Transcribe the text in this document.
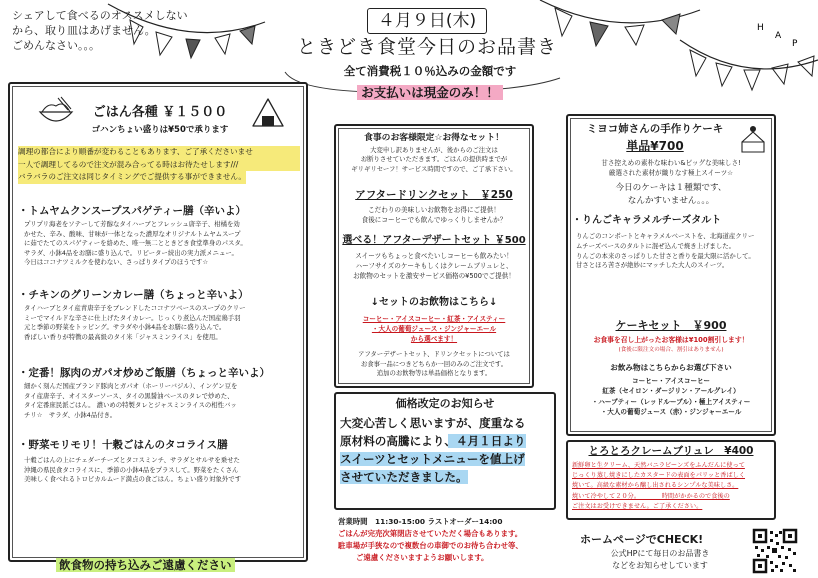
H
A
P
シェアして食べるのオススメしない
から、取り皿はあげません。
ごめんなさい。。。
４月９日(木)
ときどき食堂今日のお品書き
全て消費税１０％込みの金額です
お支払いは現金のみ！！
ごはん各種 ￥１５００
ゴハンちょい盛りは¥50で承ります
調理の都合により順番が変わることもあります、ご了承くださいませ
一人で調理してるので注文が混み合ってる時はお待たせします///
バラバラのご注文は同じタイミングでご提供する事ができません。
・トムヤムクンスープスパゲティー膳（辛いよ）
プリプリ海老をソテーして芳醇なタイハーブとフレッシュ唐辛子、柑橘を効
かせた、辛み、酸味、甘味が一体となった濃厚なオリジナルトムヤムスープ
に茹でたてのスパゲティーを絡めた、唯一無二とときどき食堂準身のパスタ。
サラダ、小鉢4品をお膳に盛り込んで。リピーター続出の実力派メニュー。
今日はココナツミルクを使わない、さっぱりタイプのほうです☆
・チキンのグリーンカレー膳（ちょっと辛いよ）
タイハーブとタイ産青唐辛子をブレンドしたココナツベースのスープのクリー
ミーでマイルドな辛さに仕上げたタイカレー。じっくり煮込んだ国産鶏手羽
元と季節の野菜をトッピング。サラダや小鉢4品をお膳に盛り込んで。
香ばしい香りが特徴の最高級のタイ米「ジャスミンライス」を使用。
・定番！豚肉のガパオ炒めご飯膳（ちょっと辛いよ）
細かく刻んだ国産ブランド豚肉とガパオ（ホーリーバジル）、インゲン豆を
タイ産唐辛子、オイスターソース、タイの黒醤油ベースのタレで炒めた、
タイ定番庶民派ごはん。 濃いめの特製タレとジャスミンライスの相性バッ
チリ☆　サラダ、小鉢4品付き。
・野菜モリモリ！十穀ごはんのタコライス膳
十穀ごはんの上にチェダーチーズとタコスミンチ、サラダとサルサを乗せた
沖縄の県民食タコライスに、季節の小鉢4品をプラスして。野菜をたくさん
美味しく食べれるトロピカルムード満点の食ごはん。ちょい盛り対象外です
飲食物の持ち込みご遠慮ください
食事のお客様限定☆お得なセット！
大変申し訳ありませんが、後からのご注文は
お断りさせていただきます。ごはんの提供時までが
ギリギリセーフ！サービス時間ですので、ご了承下さい。
アフタードリンクセット　￥250
こだわりの美味しいお飲物をお得にご提供！
食後にコーヒーでも飲んでゆっくりしませんか？
選べる！アフターデザートセット ￥500
スイーツもちょっと食べたいしコーヒーも飲みたい！
ハーフサイズのケーキもしくはクレームブリュレと、
お飲物のセットを激安サービス価格の¥500でご提供！
↓セットのお飲物はこちら↓
コーヒー・アイスコーヒー・紅茶・アイスティー
・大人の葡萄ジュース・ジンジャーエール
から選べます！
アフターデザートセット、ドリンクセットについては
お食事一品につきどちらか一回のみのご注文です。
追加のお飲物等は単品価格となります。
価格改定のお知らせ
大変心苦しく思いますが、度重なる
原材料の高騰により、４月１日より
スイーツとセットメニューを値上げ
させていただきました。
営業時間　11:30-15:00 ラストオーダー14:00
ごはんが完売次第閉店させていただく場合もあります。
駐車場が手狭なので複数台の車御でのお待ち合わせ等、
ご遠慮くださいますようお願いします。
ミヨコ姉さんの手作りケーキ
単品¥700
甘さ控えめの素朴な味わい&ビッグな美味しさ!
厳選された素材が織りなす極上スイーツ☆
今日のケーキは１種類です、
なんかすいません。。。
・りんごキャラメルチーズタルト
りんごのコンポートとキャラメルベーストを、北海道産クリー
ムチーズベースのタルトに混ぜ込んで焼き上げました。
りんごの本来のさっぱりした甘さと香りを最大限に活かして。
甘さとほろ苦さが絶妙にマッチした大人のスイーツ。
ケーキセット　￥900
お食事を召し上がったお客様は¥100割引します！
(食後に限注文の場合、割引はありません)
お飲み物はこちらからお選び下さい
コーヒー・アイスコーヒー
紅茶（セイロン・ダージリン・アールグレイ）
・ハーブティー（レッドルーブル）・極上アイスティー
・大人の葡萄ジュース（赤）・ジンジャーエール
とろとろクレームブリュレ　¥400
新鮮卵と生クリーム、天然バニラビーンズをふんだんに使って
じっくり蒸し焼きにしたカスタードの表面をパリッと香ばしく
焼いて。高級な素材から醸し出されるシンプルな美味しさ。
焼いて冷やして２０分。　　　　時間がかかるので食後の
ご注文はお受けできません。ご了承ください。
ホームページでCHECK!
公式HPにて毎日のお品書き
などをお知らせしています
